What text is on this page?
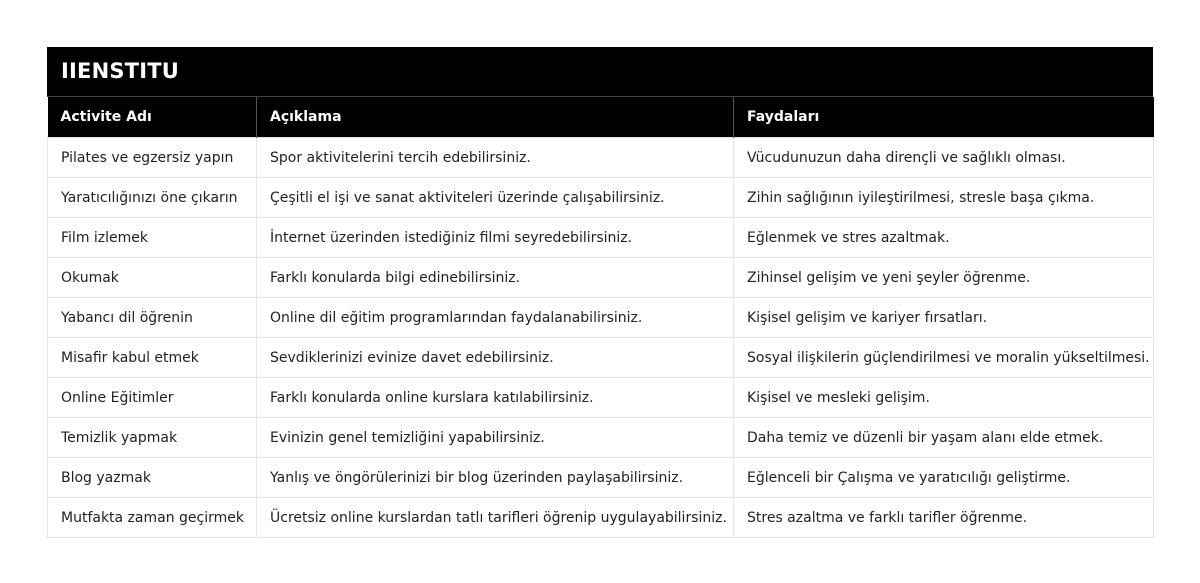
IIENSTITU
Activite Adı	Açıklama	Faydaları
Pilates ve egzersiz yapın	Spor aktivitelerini tercih edebilirsiniz.	Vücudunuzun daha dirençli ve sağlıklı olması.
Yaratıcılığınızı öne çıkarın	Çeşitli el işi ve sanat aktiviteleri üzerinde çalışabilirsiniz.	Zihin sağlığının iyileştirilmesi, stresle başa çıkma.
Film izlemek	İnternet üzerinden istediğiniz filmi seyredebilirsiniz.	Eğlenmek ve stres azaltmak.
Okumak	Farklı konularda bilgi edinebilirsiniz.	Zihinsel gelişim ve yeni şeyler öğrenme.
Yabancı dil öğrenin	Online dil eğitim programlarından faydalanabilirsiniz.	Kişisel gelişim ve kariyer fırsatları.
Misafir kabul etmek	Sevdiklerinizi evinize davet edebilirsiniz.	Sosyal ilişkilerin güçlendirilmesi ve moralin yükseltilmesi.
Online Eğitimler	Farklı konularda online kurslara katılabilirsiniz.	Kişisel ve mesleki gelişim.
Temizlik yapmak	Evinizin genel temizliğini yapabilirsiniz.	Daha temiz ve düzenli bir yaşam alanı elde etmek.
Blog yazmak	Yanlış ve öngörülerinizi bir blog üzerinden paylaşabilirsiniz.	Eğlenceli bir Çalışma ve yaratıcılığı geliştirme.
Mutfakta zaman geçirmek	Ücretsiz online kurslardan tatlı tarifleri öğrenip uygulayabilirsiniz.	Stres azaltma ve farklı tarifler öğrenme.
